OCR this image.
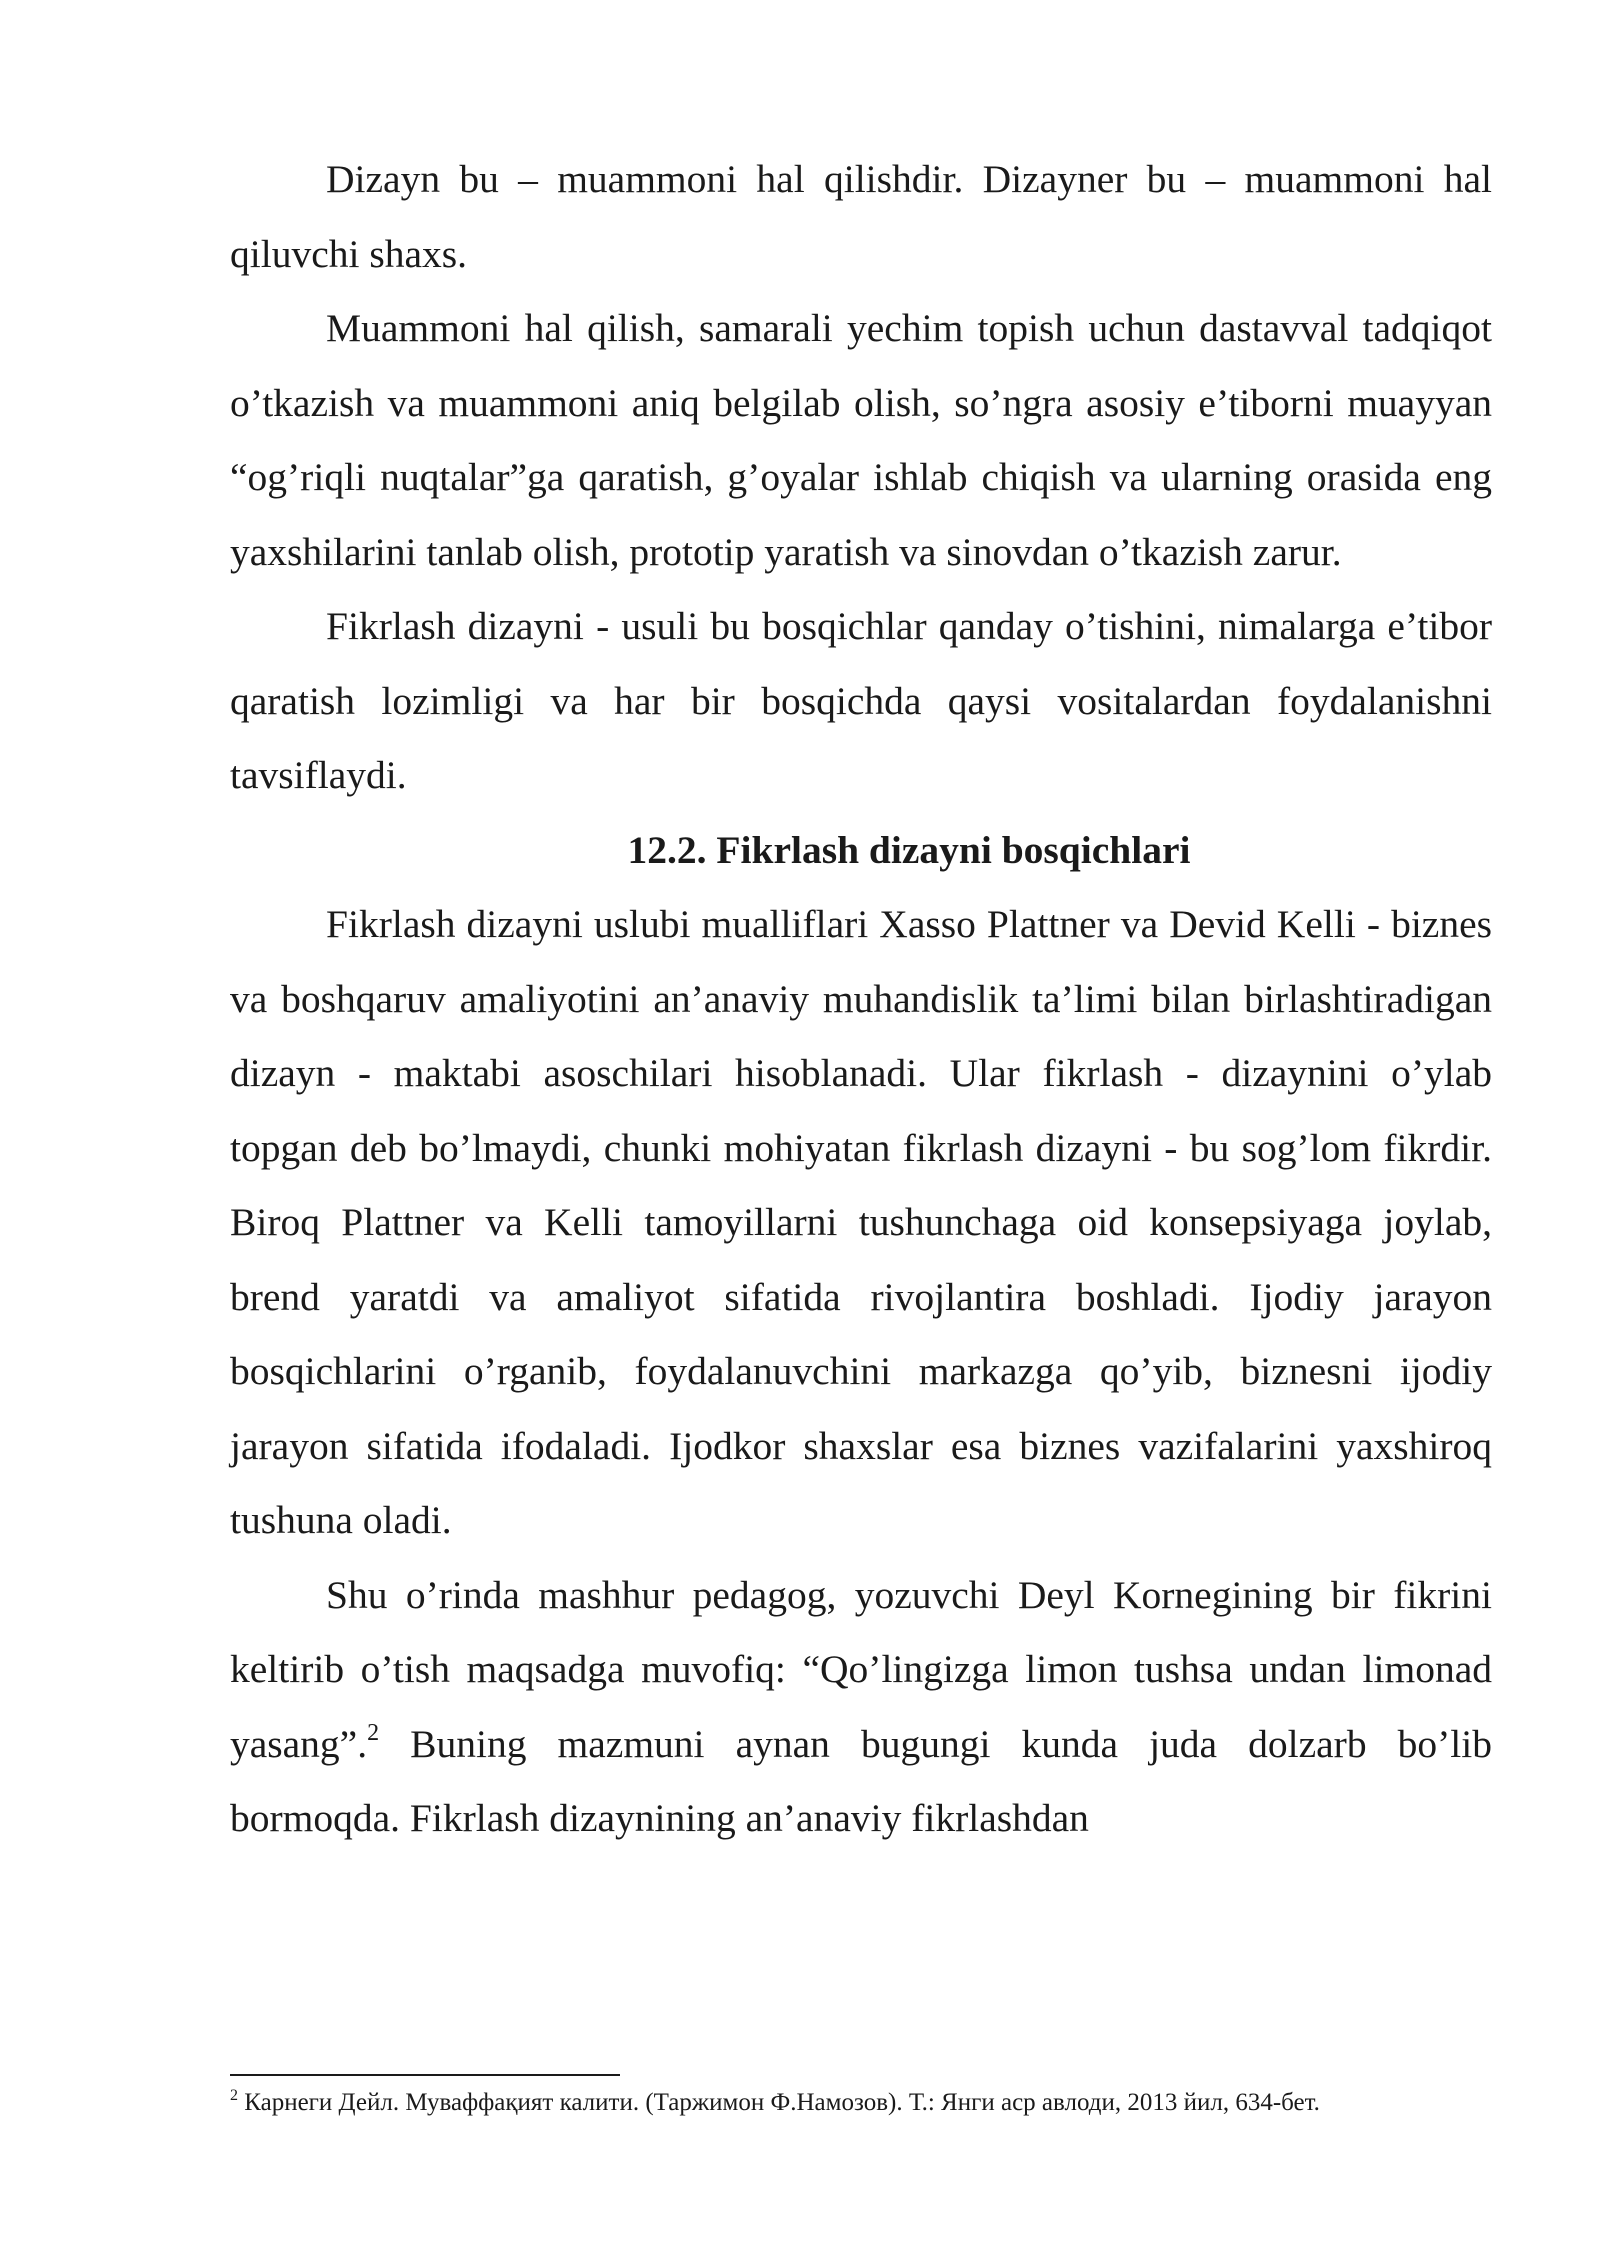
Dizayn bu – muammoni hal qilishdir. Dizayner bu – muammoni hal qiluvchi shaxs.

Muammoni hal qilish, samarali yechim topish uchun dastavval tadqiqot o’tkazish va muammoni aniq belgilab olish, so’ngra asosiy e’tiborni muayyan “og’riqli nuqtalar”ga qaratish, g’oyalar ishlab chiqish va ularning orasida eng yaxshilarini tanlab olish, prototip yaratish va sinovdan o’tkazish zarur.

Fikrlash dizayni - usuli bu bosqichlar qanday o’tishini, nimalarga e’tibor qaratish lozimligi va har bir bosqichda qaysi vositalardan foydalanishni tavsiflaydi.

12.2. Fikrlash dizayni bosqichlari

Fikrlash dizayni uslubi mualliflari Xasso Plattner va Devid Kelli - biznes va boshqaruv amaliyotini an’anaviy muhandislik ta’limi bilan birlashtiradigan dizayn - maktabi asoschilari hisoblanadi. Ular fikrlash - dizaynini o’ylab topgan deb bo’lmaydi, chunki mohiyatan fikrlash dizayni - bu sog’lom fikrdir. Biroq Plattner va Kelli tamoyillarni tushunchaga oid konsepsiyaga joylab, brend yaratdi va amaliyot sifatida rivojlantira boshladi. Ijodiy jarayon bosqichlarini o’rganib, foydalanuvchini markazga qo’yib, biznesni ijodiy jarayon sifatida ifodaladi. Ijodkor shaxslar esa biznes vazifalarini yaxshiroq tushuna oladi.

Shu o’rinda mashhur pedagog, yozuvchi Deyl Kornegining bir fikrini keltirib o’tish maqsadga muvofiq: “Qo’lingizga limon tushsa undan limonad yasang”.$^2$ Buning mazmuni aynan bugungi kunda juda dolzarb bo’lib bormoqda. Fikrlash dizaynining an’anaviy fikrlashdan

$^2$ Карнеги Дейл. Муваффақият калити. (Таржимон Ф.Намозов). Т.: Янги аср авлоди, 2013 йил, 634-бет.
